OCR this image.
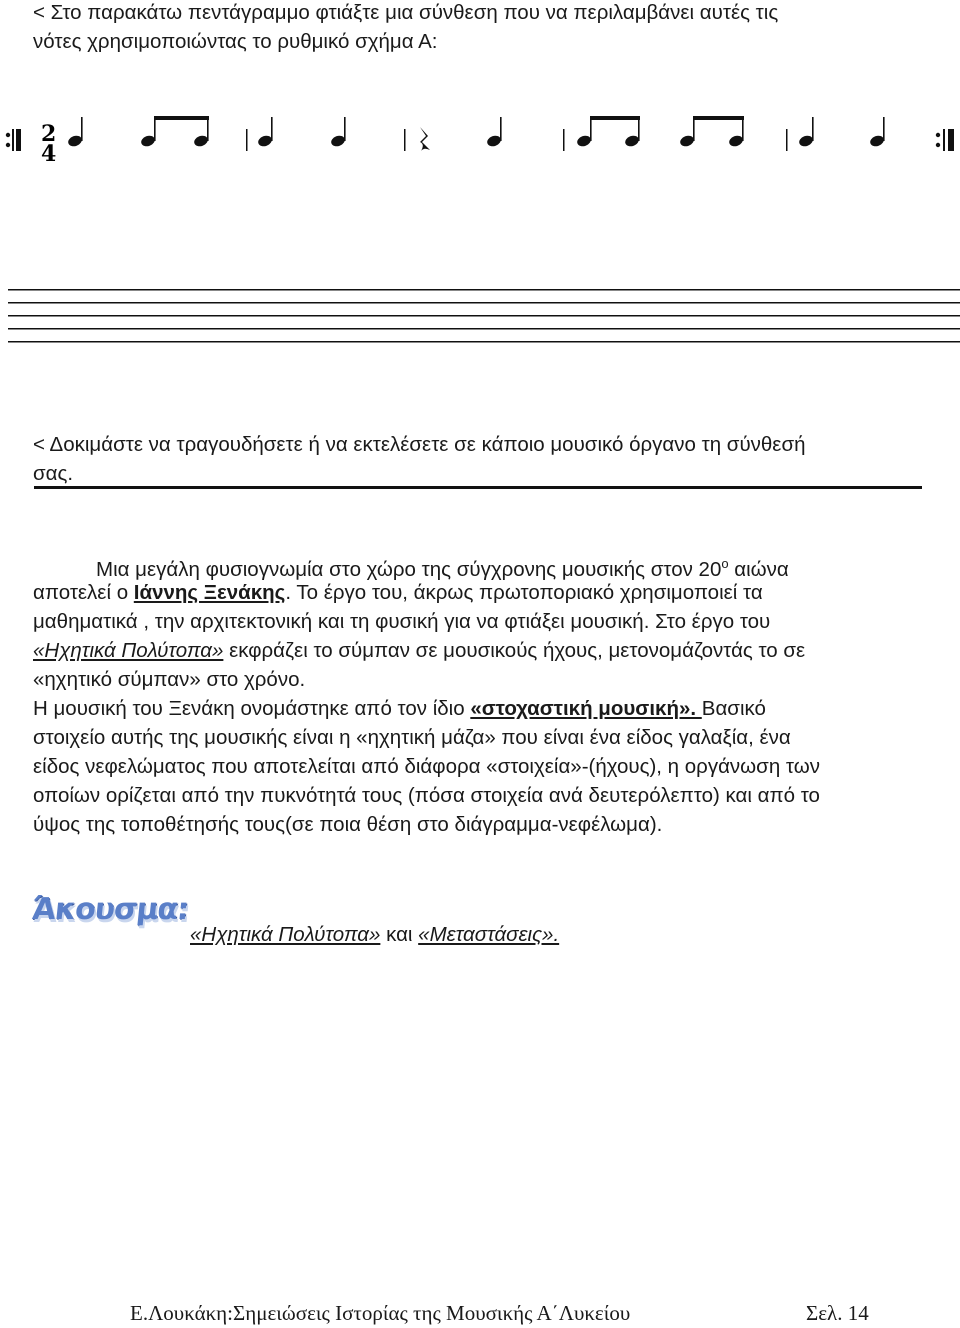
< Στο παρακάτω πεντάγραμμο φτιάξτε μια σύνθεση που να περιλαμβάνει αυτές τις
νότες χρησιμοποιώντας το ρυθμικό σχήμα Α:
2
4
< Δοκιμάστε να τραγουδήσετε ή να εκτελέσετε σε κάποιο μουσικό όργανο τη σύνθεσή
σας.
Μια μεγάλη φυσιογνωμία στο χώρο της σύγχρονης μουσικής στον $20^o$ αιώνα
αποτελεί ο Ιάννης Ξενάκης. Το έργο του, άκρως πρωτοποριακό χρησιμοποιεί τα
μαθηματικά , την αρχιτεκτονική και τη φυσική για να φτιάξει μουσική. Στο έργο του
«Ηχητικά Πολύτοπα» εκφράζει το σύμπαν σε μουσικούς ήχους, μετονομάζοντάς το σε
«ηχητικό σύμπαν» στο χρόνο.
Η μουσική του Ξενάκη ονομάστηκε από τον ίδιο «στοχαστική μουσική». Βασικό
στοιχείο αυτής της μουσικής είναι η «ηχητική μάζα» που είναι ένα είδος γαλαξία, ένα
είδος νεφελώματος που αποτελείται από διάφορα «στοιχεία»-(ήχους), η οργάνωση των
οποίων ορίζεται από την πυκνότητά τους (πόσα στοιχεία ανά δευτερόλεπτο) και από το
ύψος της τοποθέτησής τους(σε ποια θέση στο διάγραμμα-νεφέλωμα).
Άκουσμα:
«Ηχητικά Πολύτοπα» και «Μεταστάσεις».
Ε.Λουκάκη:Σημειώσεις Ιστορίας της Μουσικής Α΄Λυκείου	Σελ. 14
